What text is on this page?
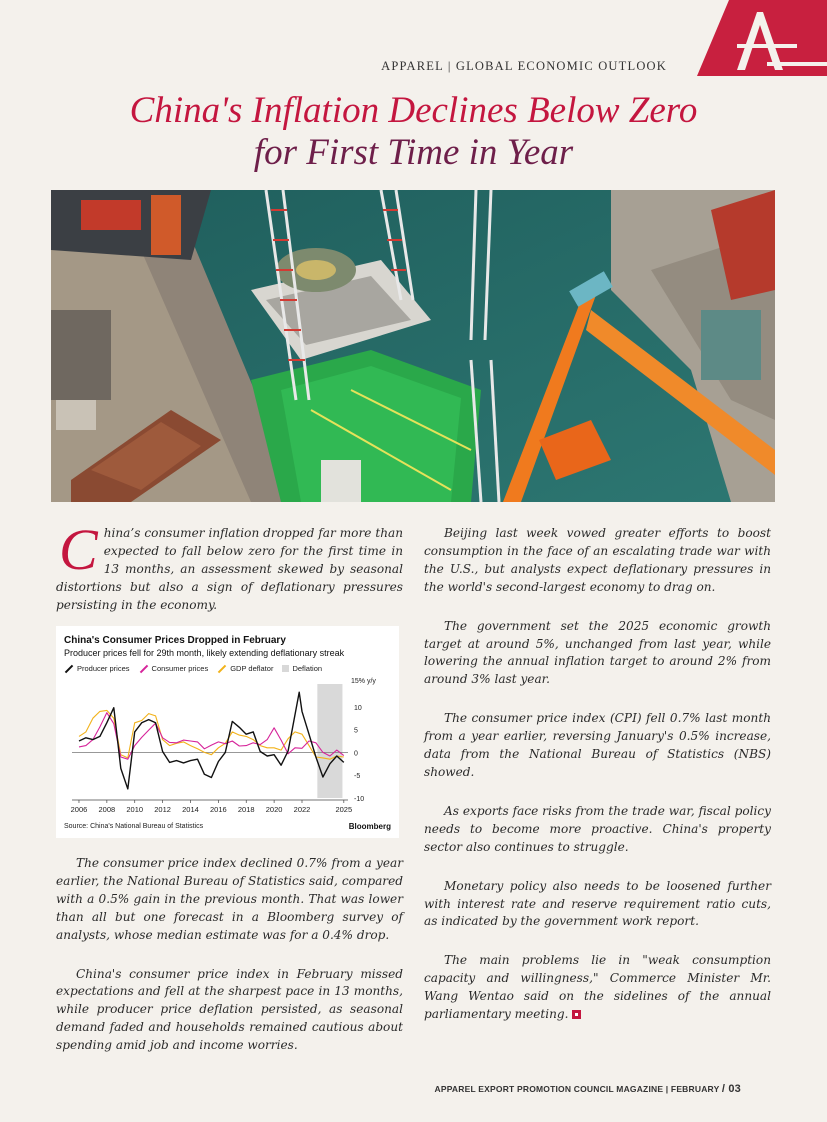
APPAREL | GLOBAL ECONOMIC OUTLOOK
China's Inflation Declines Below Zero
for First Time in Year

China’s consumer inflation dropped far more than expected to fall below zero for the first time in 13 months, an assessment skewed by seasonal distortions but also a sign of deflationary pressures persisting in the economy.

China's Consumer Prices Dropped in February
Producer prices fell for 29th month, likely extending deflationary streak
Producer prices	Consumer prices	GDP deflator	Deflation
2006 2008 2010 2012 2014 2016 2018 2020 2022	2025
15% y/y
10
5
0
-5
-10
Source: China's National Bureau of Statistics	Bloomberg

The consumer price index declined 0.7% from a year earlier, the National Bureau of Statistics said, compared with a 0.5% gain in the previous month. That was lower than all but one forecast in a Bloomberg survey of analysts, whose median estimate was for a 0.4% drop.

China's consumer price index in February missed expectations and fell at the sharpest pace in 13 months, while producer price deflation persisted, as seasonal demand faded and households remained cautious about spending amid job and income worries.

Beijing last week vowed greater efforts to boost consumption in the face of an escalating trade war with the U.S., but analysts expect deflationary pressures in the world's second-largest economy to drag on.

The government set the 2025 economic growth target at around 5%, unchanged from last year, while lowering the annual inflation target to around 2% from around 3% last year.

The consumer price index (CPI) fell 0.7% last month from a year earlier, reversing January's 0.5% increase, data from the National Bureau of Statistics (NBS) showed.

As exports face risks from the trade war, fiscal policy needs to become more proactive. China's property sector also continues to struggle.

Monetary policy also needs to be loosened further with interest rate and reserve requirement ratio cuts, as indicated by the government work report.

The main problems lie in "weak consumption capacity and willingness," Commerce Minister Mr. Wang Wentao said on the sidelines of the annual parliamentary meeting.

APPAREL EXPORT PROMOTION COUNCIL MAGAZINE | FEBRUARY / 03
